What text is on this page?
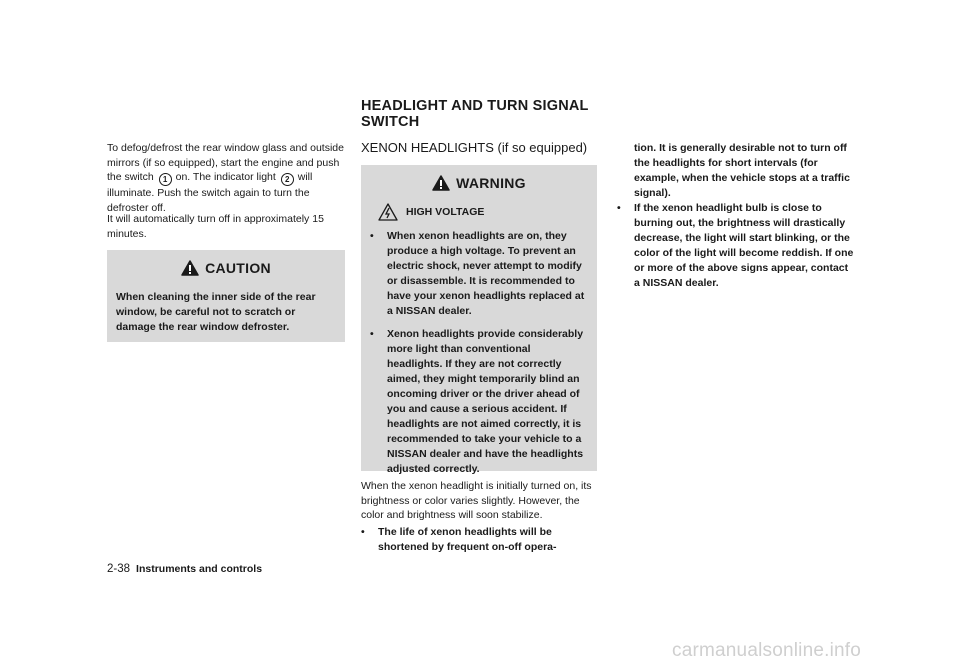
HEADLIGHT AND TURN SIGNAL
SWITCH

To defog/defrost the rear window glass and outside mirrors (if so equipped), start the engine and push the switch 1 on. The indicator light 2 will illuminate. Push the switch again to turn the defroster off.

It will automatically turn off in approximately 15 minutes.

CAUTION

When cleaning the inner side of the rear window, be careful not to scratch or damage the rear window defroster.

XENON HEADLIGHTS (if so equipped)

WARNING
HIGH VOLTAGE
•	When xenon headlights are on, they produce a high voltage. To prevent an electric shock, never attempt to modify or disassemble. It is recommended to have your xenon headlights replaced at a NISSAN dealer.
•	Xenon headlights provide considerably more light than conventional headlights. If they are not correctly aimed, they might temporarily blind an oncoming driver or the driver ahead of you and cause a serious accident. If headlights are not aimed correctly, it is recommended to take your vehicle to a NISSAN dealer and have the headlights adjusted correctly.

When the xenon headlight is initially turned on, its brightness or color varies slightly. However, the color and brightness will soon stabilize.

•	The life of xenon headlights will be shortened by frequent on-off opera-

tion. It is generally desirable not to turn off the headlights for short intervals (for example, when the vehicle stops at a traffic signal).

•	If the xenon headlight bulb is close to burning out, the brightness will drastically decrease, the light will start blinking, or the color of the light will become reddish. If one or more of the above signs appear, contact a NISSAN dealer.
2-38 Instruments and controls
carmanualsonline.info
